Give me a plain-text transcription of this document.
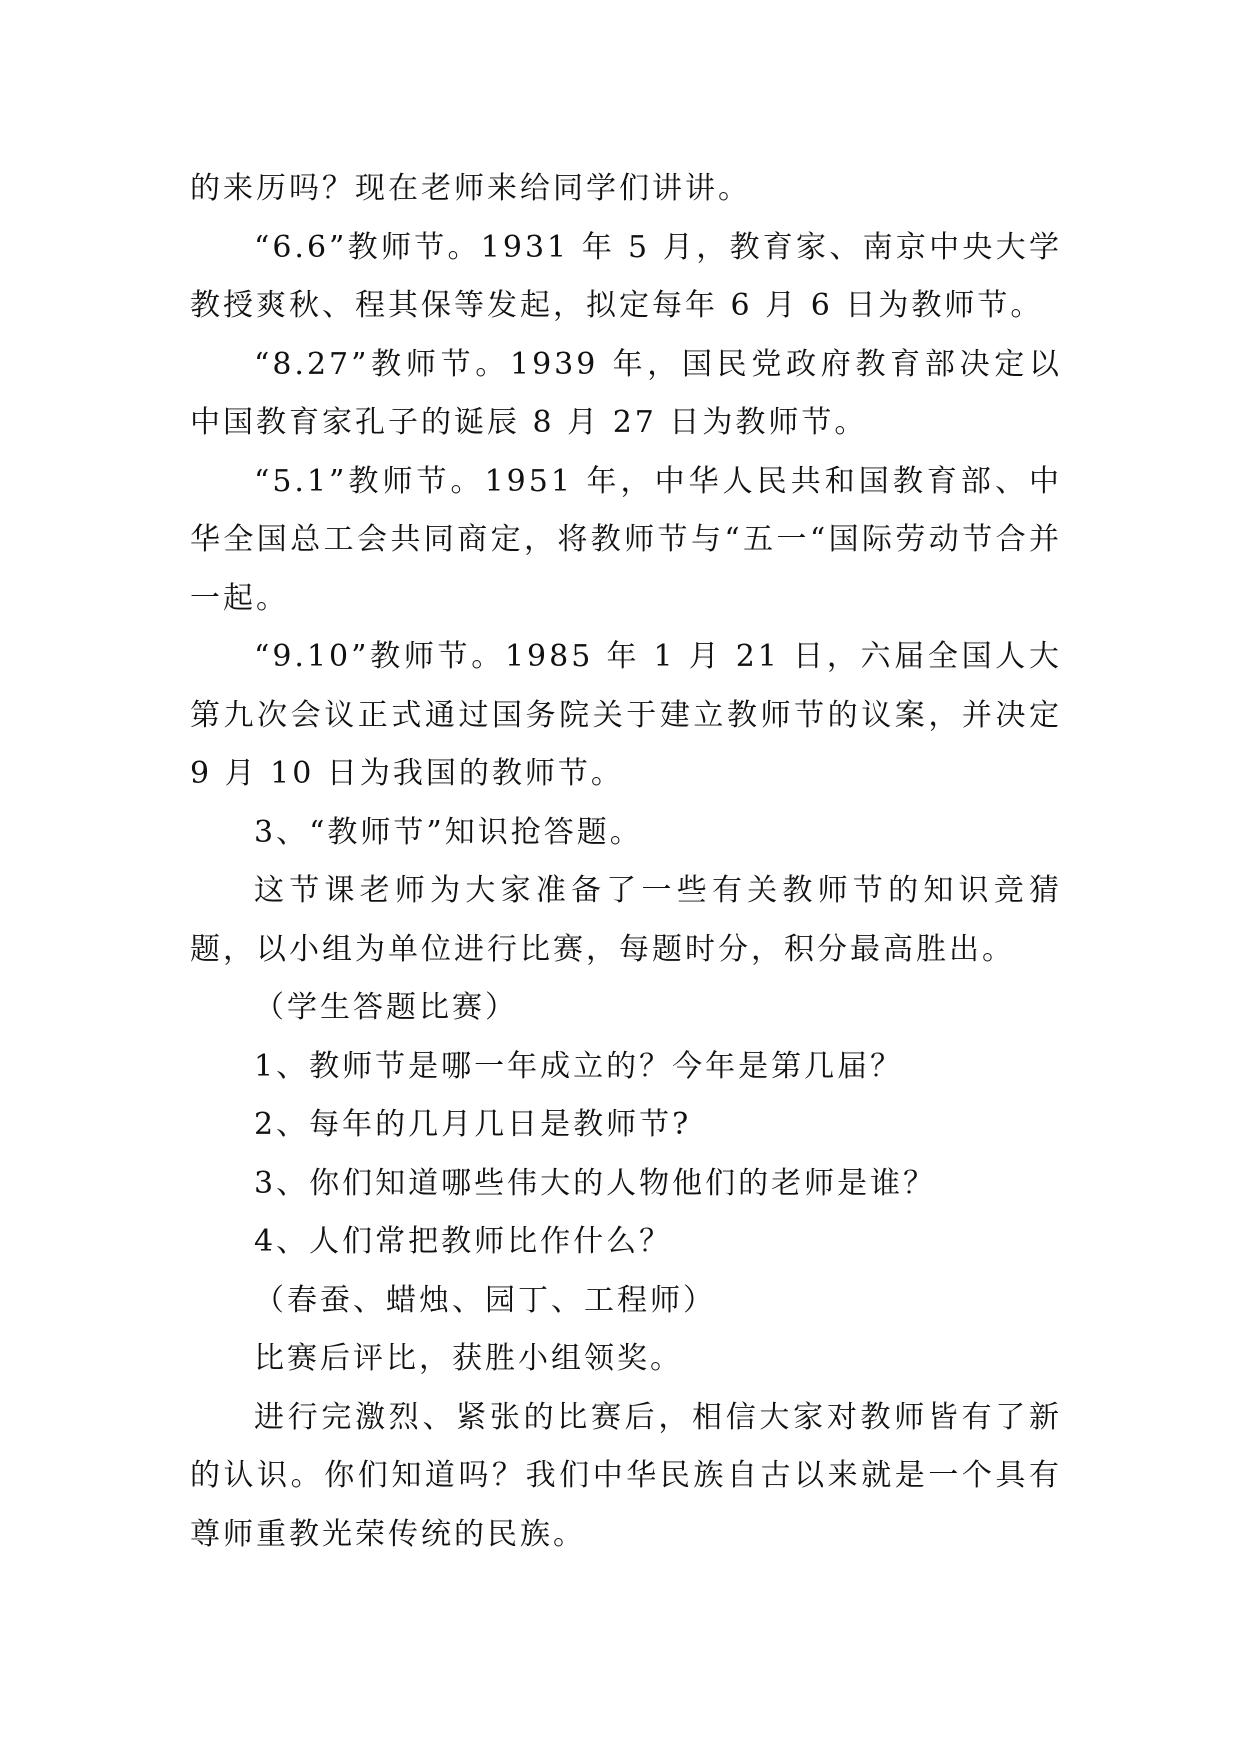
的来历吗？现在老师来给同学们讲讲。

“6.6”教师节。1931 年 5 月，教育家、南京中央大学教授爽秋、程其保等发起，拟定每年 6 月 6 日为教师节。

“8.27”教师节。1939 年，国民党政府教育部决定以中国教育家孔子的诞辰 8 月 27 日为教师节。

“5.1”教师节。1951 年，中华人民共和国教育部、中华全国总工会共同商定，将教师节与“五一“国际劳动节合并一起。

“9.10”教师节。1985 年 1 月 21 日，六届全国人大第九次会议正式通过国务院关于建立教师节的议案，并决定 9 月 10 日为我国的教师节。

3、“教师节”知识抢答题。

这节课老师为大家准备了一些有关教师节的知识竞猜题，以小组为单位进行比赛，每题时分，积分最高胜出。

（学生答题比赛）

1、教师节是哪一年成立的？今年是第几届？

2、每年的几月几日是教师节?

3、你们知道哪些伟大的人物他们的老师是谁？

4、人们常把教师比作什么？

（春蚕、蜡烛、园丁、工程师）

比赛后评比，获胜小组领奖。

进行完激烈、紧张的比赛后，相信大家对教师皆有了新的认识。你们知道吗？我们中华民族自古以来就是一个具有尊师重教光荣传统的民族。
